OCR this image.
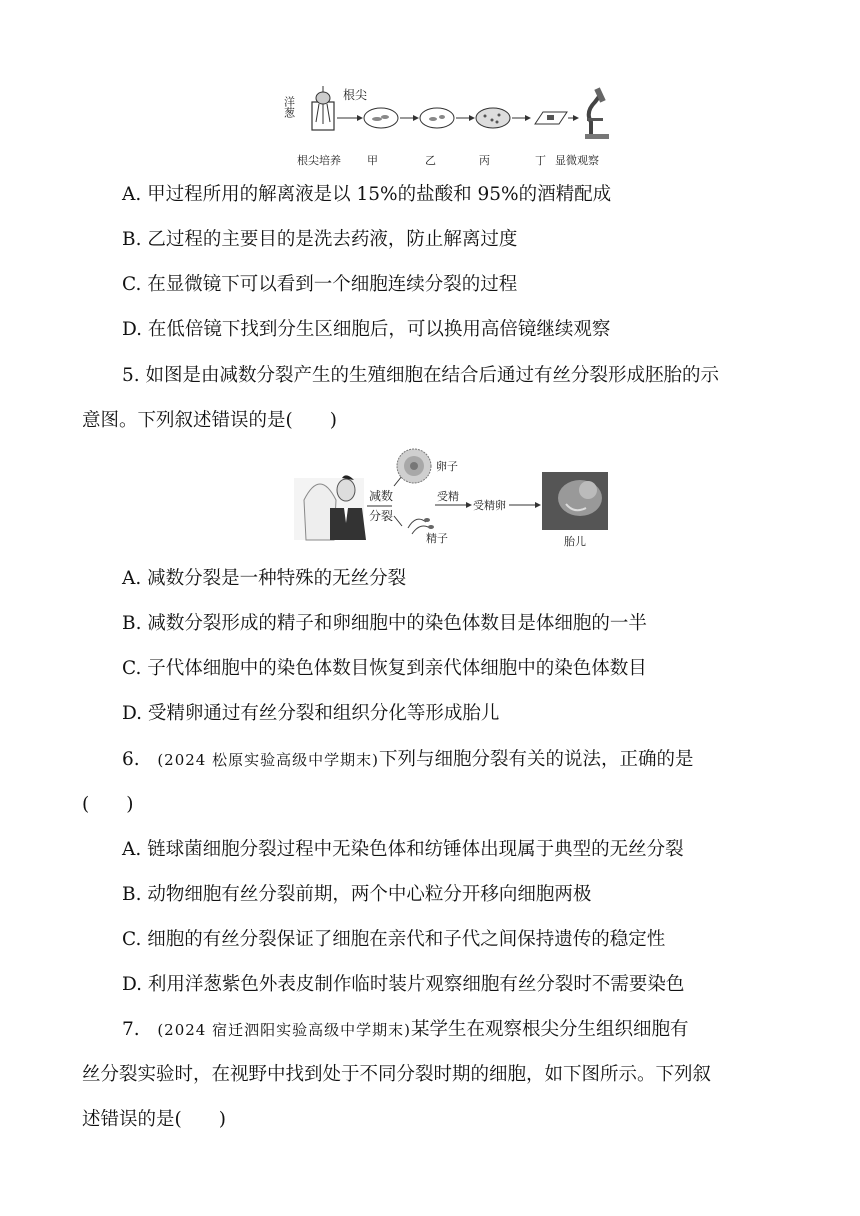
洋葱
根尖
根尖培养 甲	乙	丙	丁 显微观察
A. 甲过程所用的解离液是以 15%的盐酸和 95%的酒精配成
B. 乙过程的主要目的是洗去药液，防止解离过度
C. 在显微镜下可以看到一个细胞连续分裂的过程
D. 在低倍镜下找到分生区细胞后，可以换用高倍镜继续观察
5. 如图是由减数分裂产生的生殖细胞在结合后通过有丝分裂形成胚胎的示
意图。下列叙述错误的是(　　)
减数
分裂
卵子
精子
受精
受精卵
胎儿
A. 减数分裂是一种特殊的无丝分裂
B. 减数分裂形成的精子和卵细胞中的染色体数目是体细胞的一半
C. 子代体细胞中的染色体数目恢复到亲代体细胞中的染色体数目
D. 受精卵通过有丝分裂和组织分化等形成胎儿
6. (2024 松原实验高级中学期末)下列与细胞分裂有关的说法，正确的是
(　　)
A. 链球菌细胞分裂过程中无染色体和纺锤体出现属于典型的无丝分裂
B. 动物细胞有丝分裂前期，两个中心粒分开移向细胞两极
C. 细胞的有丝分裂保证了细胞在亲代和子代之间保持遗传的稳定性
D. 利用洋葱紫色外表皮制作临时装片观察细胞有丝分裂时不需要染色
7. (2024 宿迁泗阳实验高级中学期末)某学生在观察根尖分生组织细胞有
丝分裂实验时，在视野中找到处于不同分裂时期的细胞，如下图所示。下列叙
述错误的是(　　)
